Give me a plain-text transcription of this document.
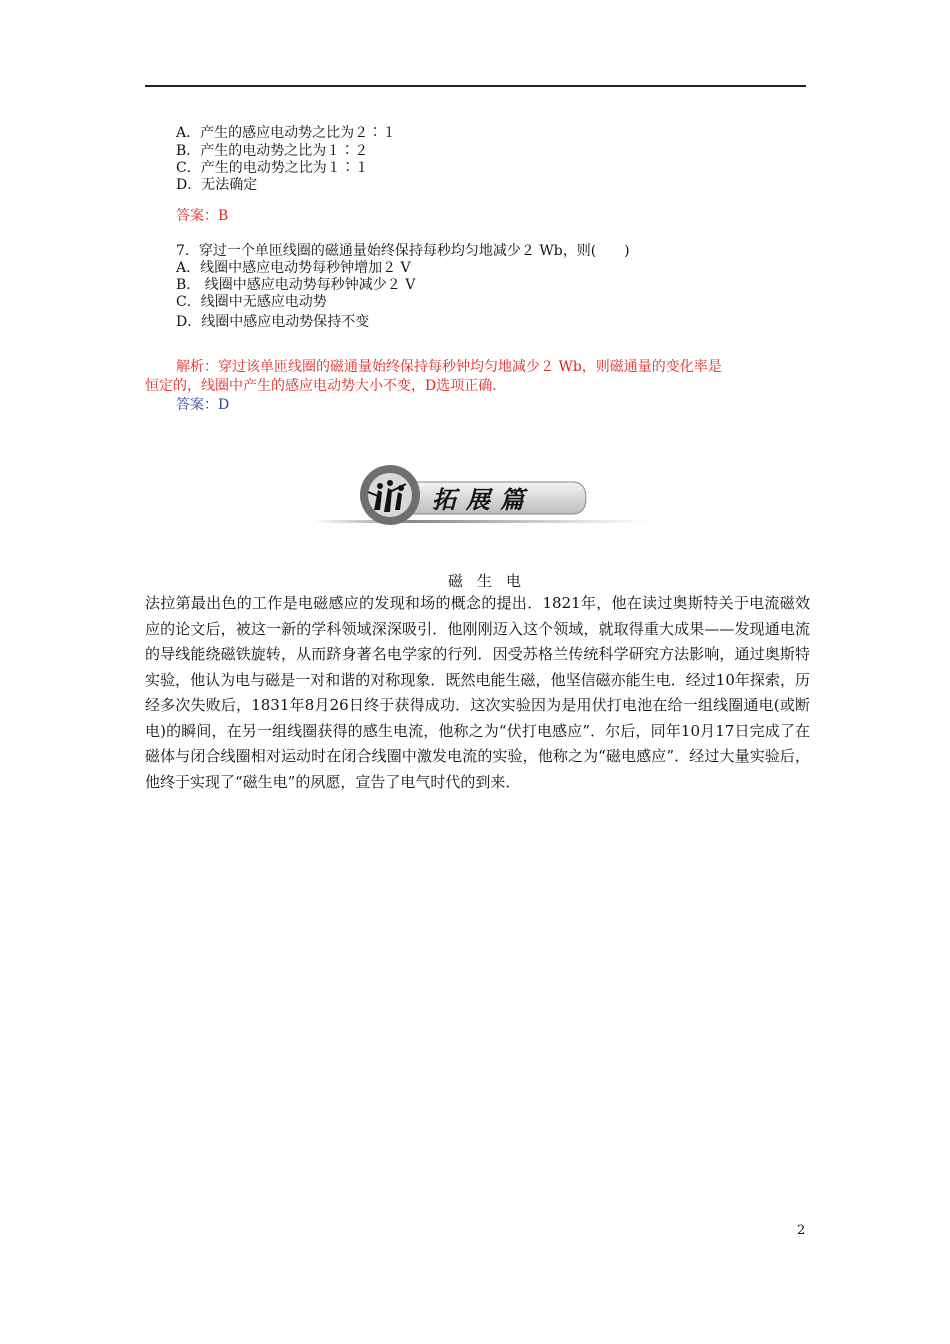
A．产生的感应电动势之比为２∶１
B．产生的电动势之比为１∶２
C．产生的电动势之比为１∶１
D．无法确定
答案：B
7．穿过一个单匝线圈的磁通量始终保持每秒均匀地减少２ Wb，则(　　)
A．线圈中感应电动势每秒钟增加２ V
B． 线圈中感应电动势每秒钟减少２ V
C．线圈中无感应电动势
D．线圈中感应电动势保持不变
解析：穿过该单匝线圈的磁通量始终保持每秒钟均匀地减少２ Wb，则磁通量的变化率是
恒定的，线圈中产生的感应电动势大小不变，D选项正确．
答案：D
拓展篇
磁生电
法拉第最出色的工作是电磁感应的发现和场的概念的提出．1821年，他在读过奥斯特关于电流磁效应的论文后，被这一新的学科领域深深吸引．他刚刚迈入这个领域，就取得重大成果——发现通电流的导线能绕磁铁旋转，从而跻身著名电学家的行列．因受苏格兰传统科学研究方法影响，通过奥斯特实验，他认为电与磁是一对和谐的对称现象．既然电能生磁，他坚信磁亦能生电．经过10年探索，历经多次失败后，1831年8月26日终于获得成功．这次实验因为是用伏打电池在给一组线圈通电(或断电)的瞬间，在另一组线圈获得的感生电流，他称之为“伏打电感应”．尔后，同年10月17日完成了在磁体与闭合线圈相对运动时在闭合线圈中激发电流的实验，他称之为“磁电感应”．经过大量实验后，他终于实现了“磁生电”的夙愿，宣告了电气时代的到来．
2
